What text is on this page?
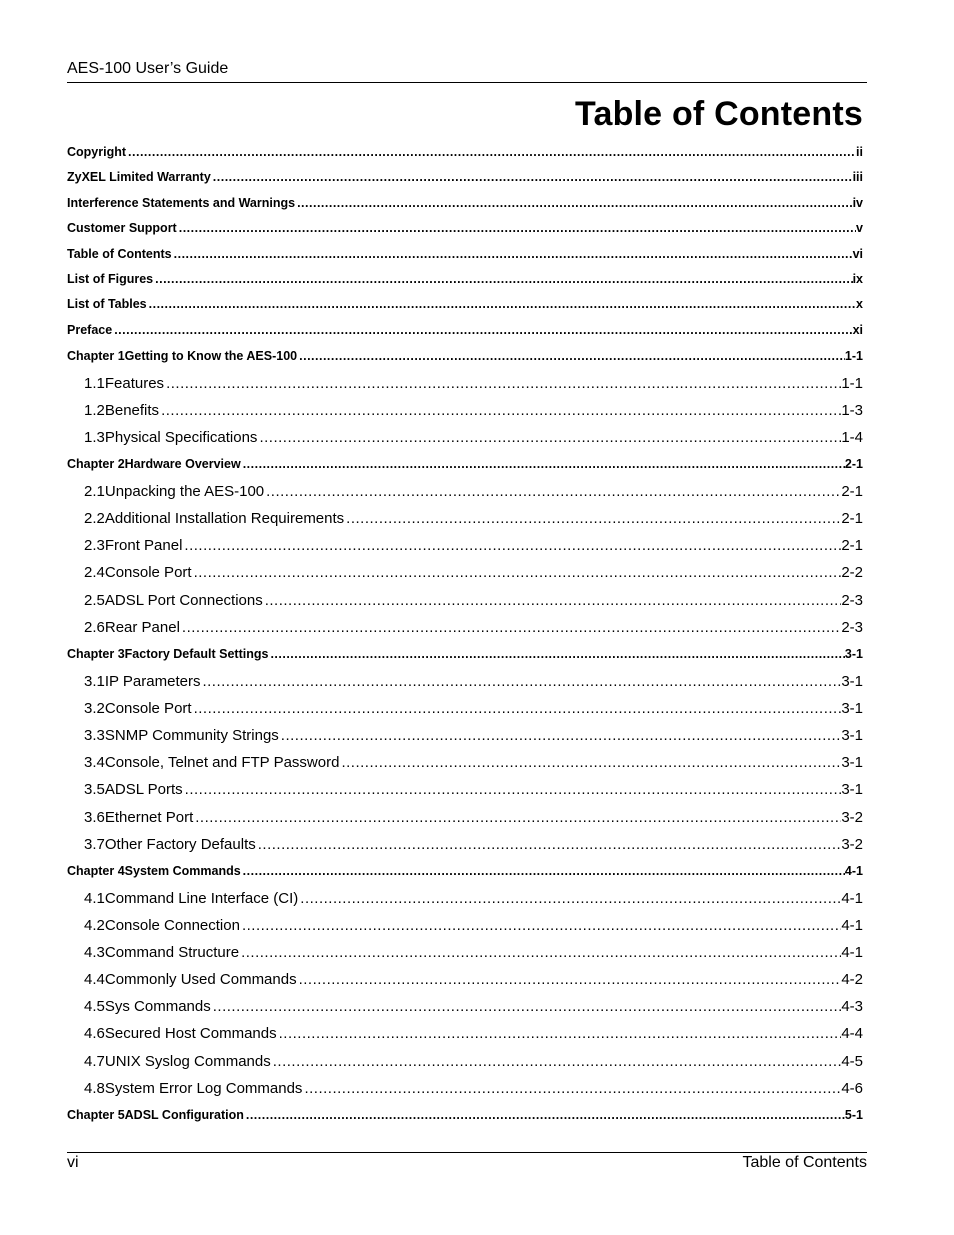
AES-100 User’s Guide
Table of Contents
Copyright .....	ii
ZyXEL Limited Warranty .....	iii
Interference Statements and Warnings .....	iv
Customer Support .....	v
Table of Contents .....	vi
List of Figures .....	ix
List of Tables .....	x
Preface .....	xi
Chapter 1 Getting to Know the AES-100 .....	1-1
1.1 Features .....	1-1
1.2 Benefits .....	1-3
1.3 Physical Specifications .....	1-4
Chapter 2 Hardware Overview .....	2-1
2.1 Unpacking the AES-100 .....	2-1
2.2 Additional Installation Requirements .....	2-1
2.3 Front Panel .....	2-1
2.4 Console Port .....	2-2
2.5 ADSL Port Connections .....	2-3
2.6 Rear Panel .....	2-3
Chapter 3 Factory Default Settings .....	3-1
3.1 IP Parameters .....	3-1
3.2 Console Port .....	3-1
3.3 SNMP Community Strings .....	3-1
3.4 Console, Telnet and FTP Password .....	3-1
3.5 ADSL Ports .....	3-1
3.6 Ethernet Port .....	3-2
3.7 Other Factory Defaults .....	3-2
Chapter 4 System Commands .....	4-1
4.1 Command Line Interface (CI) .....	4-1
4.2 Console Connection .....	4-1
4.3 Command Structure .....	4-1
4.4 Commonly Used Commands .....	4-2
4.5 Sys Commands .....	4-3
4.6 Secured Host Commands .....	4-4
4.7 UNIX Syslog Commands .....	4-5
4.8 System Error Log Commands .....	4-6
Chapter 5 ADSL Configuration .....	5-1
vi	Table of Contents
